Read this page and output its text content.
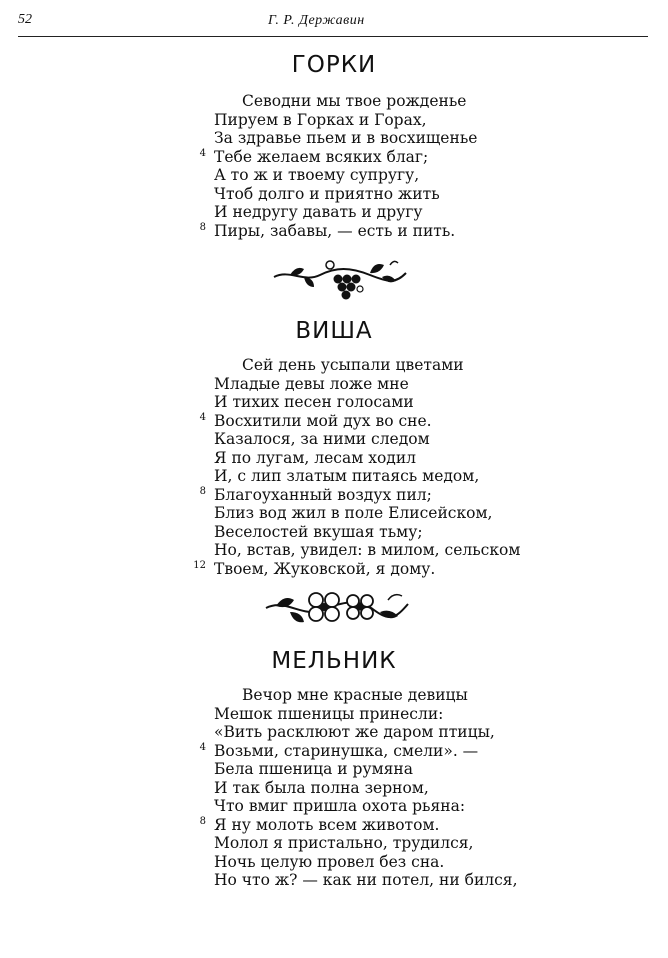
52	Г. Р. Державин
ГОРКИ
Севодни мы твое рожденье
Пируем в Горках и Горах,
За здравье пьем и в восхищенье
4 Тебе желаем всяких благ;
А то ж и твоему супругу,
Чтоб долго и приятно жить
И недругу давать и другу
8 Пиры, забавы, — есть и пить.
ВИША
Сей день усыпали цветами
Младые девы ложе мне
И тихих песен голосами
4 Восхитили мой дух во сне.
Казалося, за ними следом
Я по лугам, лесам ходил
И, с лип златым питаясь медом,
8 Благоуханный воздух пил;
Близ вод жил в поле Елисейском,
Веселостей вкушая тьму;
Но, встав, увидел: в милом, сельском
12 Твоем, Жуковской, я дому.
МЕЛЬНИК
Вечор мне красные девицы
Мешок пшеницы принесли:
«Вить расклюют же даром птицы,
4 Возьми, старинушка, смели». —
Бела пшеница и румяна
И так была полна зерном,
Что вмиг пришла охота рьяна:
8 Я ну молоть всем животом.
Молол я пристально, трудился,
Ночь целую провел без сна.
Но что ж? — как ни потел, ни бился,
